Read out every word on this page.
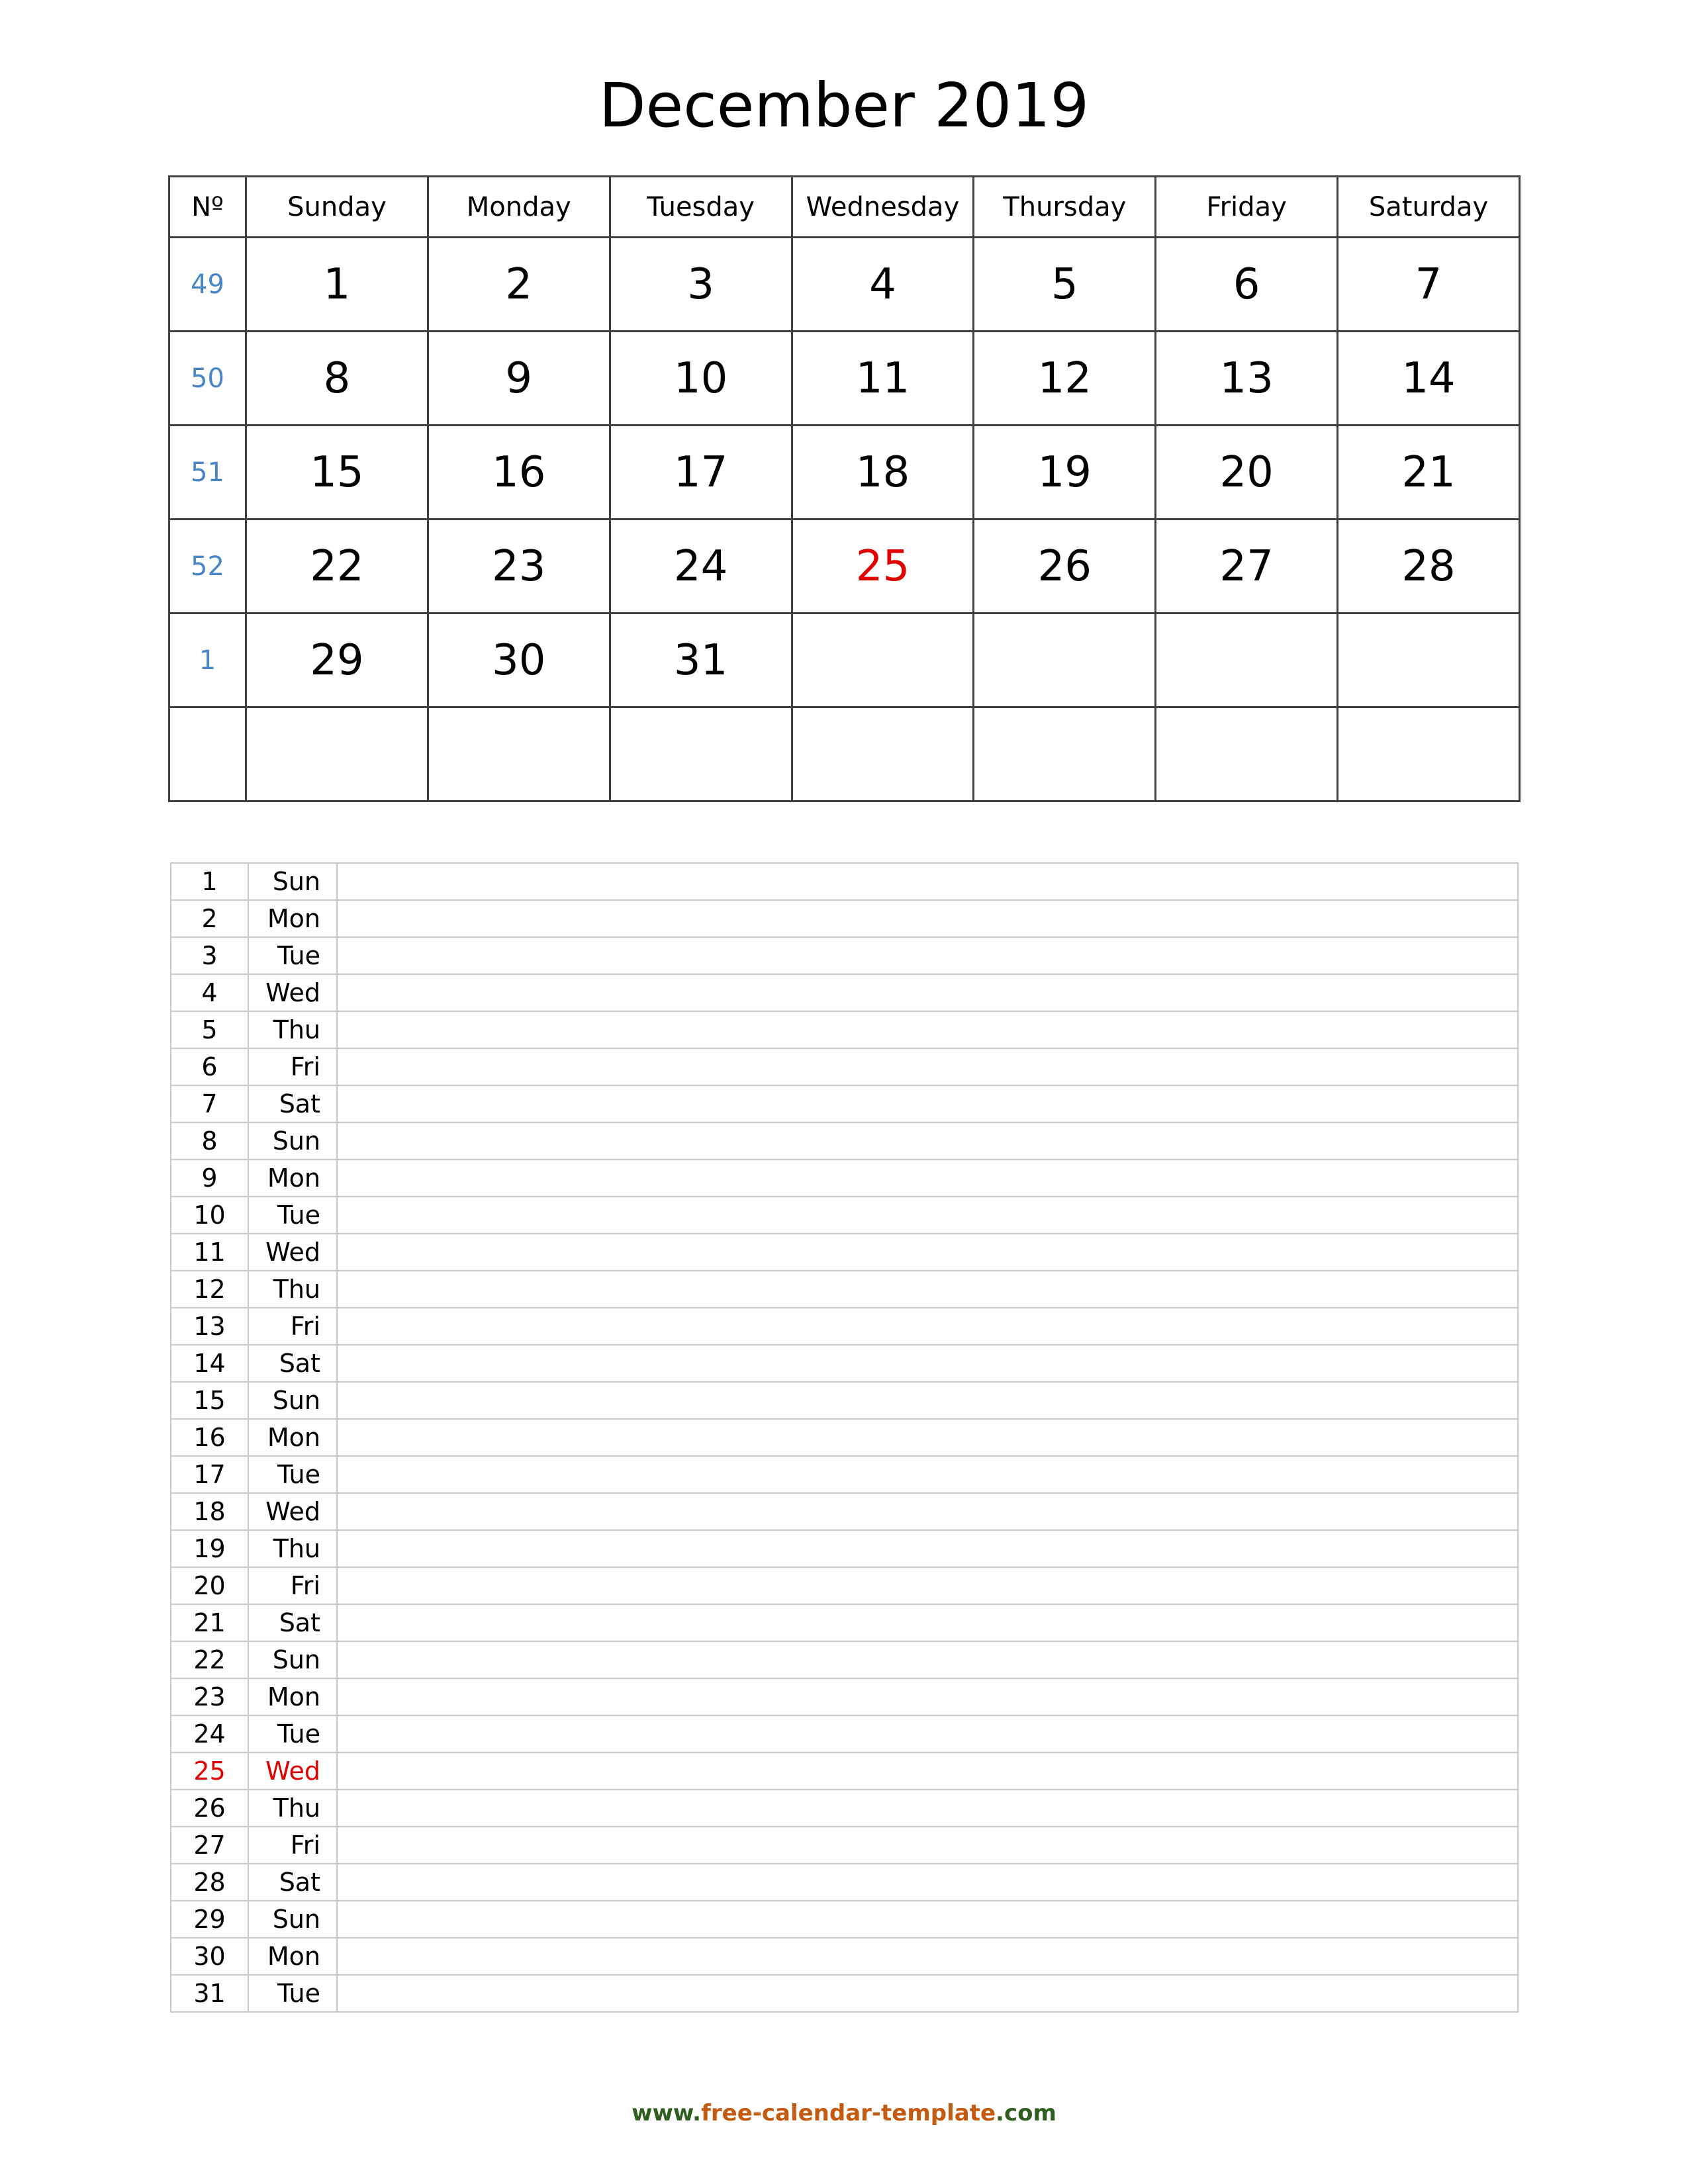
December 2019
Nº	Sunday	Monday	Tuesday	Wednesday	Thursday	Friday	Saturday
49	1	2	3	4	5	6	7
50	8	9	10	11	12	13	14
51	15	16	17	18	19	20	21
52	22	23	24	25	26	27	28
1	29	30	31				

1	Sun	
2	Mon	
3	Tue	
4	Wed	
5	Thu	
6	Fri	
7	Sat	
8	Sun	
9	Mon	
10	Tue	
11	Wed	
12	Thu	
13	Fri	
14	Sat	
15	Sun	
16	Mon	
17	Tue	
18	Wed	
19	Thu	
20	Fri	
21	Sat	
22	Sun	
23	Mon	
24	Tue	
25	Wed	
26	Thu	
27	Fri	
28	Sat	
29	Sun	
30	Mon	
31	Tue	
www.free-calendar-template.com
